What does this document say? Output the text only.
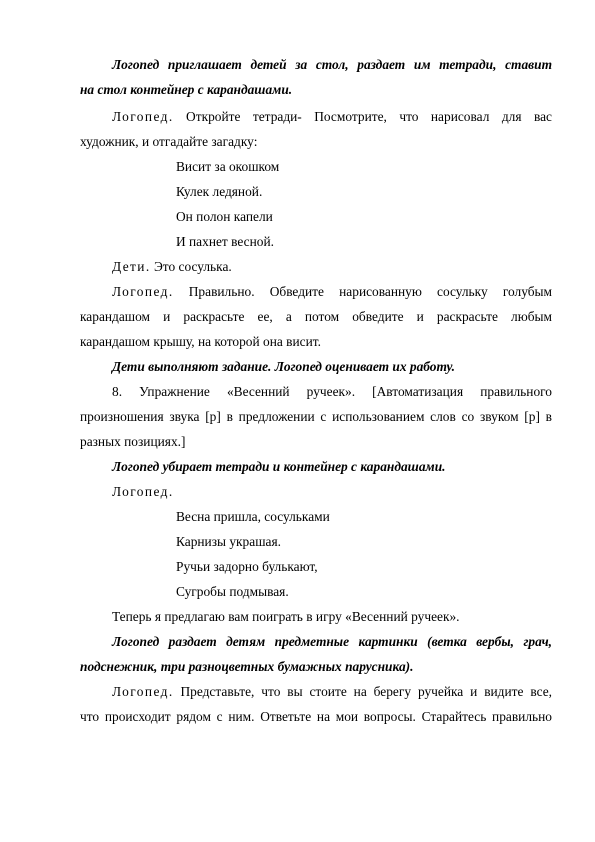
Логопед приглашает детей за стол, раздает им тетради, ставит

на стол контейнер с карандашами.

Логопед. Откройте тетради- Посмотрите, что нарисовал для вас

художник, и отгадайте загадку:

Висит за окошком

Кулек ледяной.

Он полон капели

И пахнет весной.

Дети. Это сосулька.

Логопед. Правильно. Обведите нарисованную сосульку голубым

карандашом и раскрасьте ее, а потом обведите и раскрасьте любым

карандашом крышу, на которой она висит.

Дети выполняют задание. Логопед оценивает их работу.

8. Упражнение «Весенний ручеек». [Автоматизация правильного

произношения звука [р] в предложении с использованием слов со звуком [р] в

разных позициях.]

Логопед убирает тетради и контейнер с карандашами.

Логопед.

Весна пришла, сосульками

Карнизы украшая.

Ручьи задорно булькают,

Сугробы подмывая.

Теперь я предлагаю вам поиграть в игру «Весенний ручеек».

Логопед раздает детям предметные картинки (ветка вербы, грач,

подснежник, три разноцветных бумажных парусника).

Логопед. Представьте, что вы стоите на берегу ручейка и видите все,

что происходит рядом с ним. Ответьте на мои вопросы. Старайтесь правильно
